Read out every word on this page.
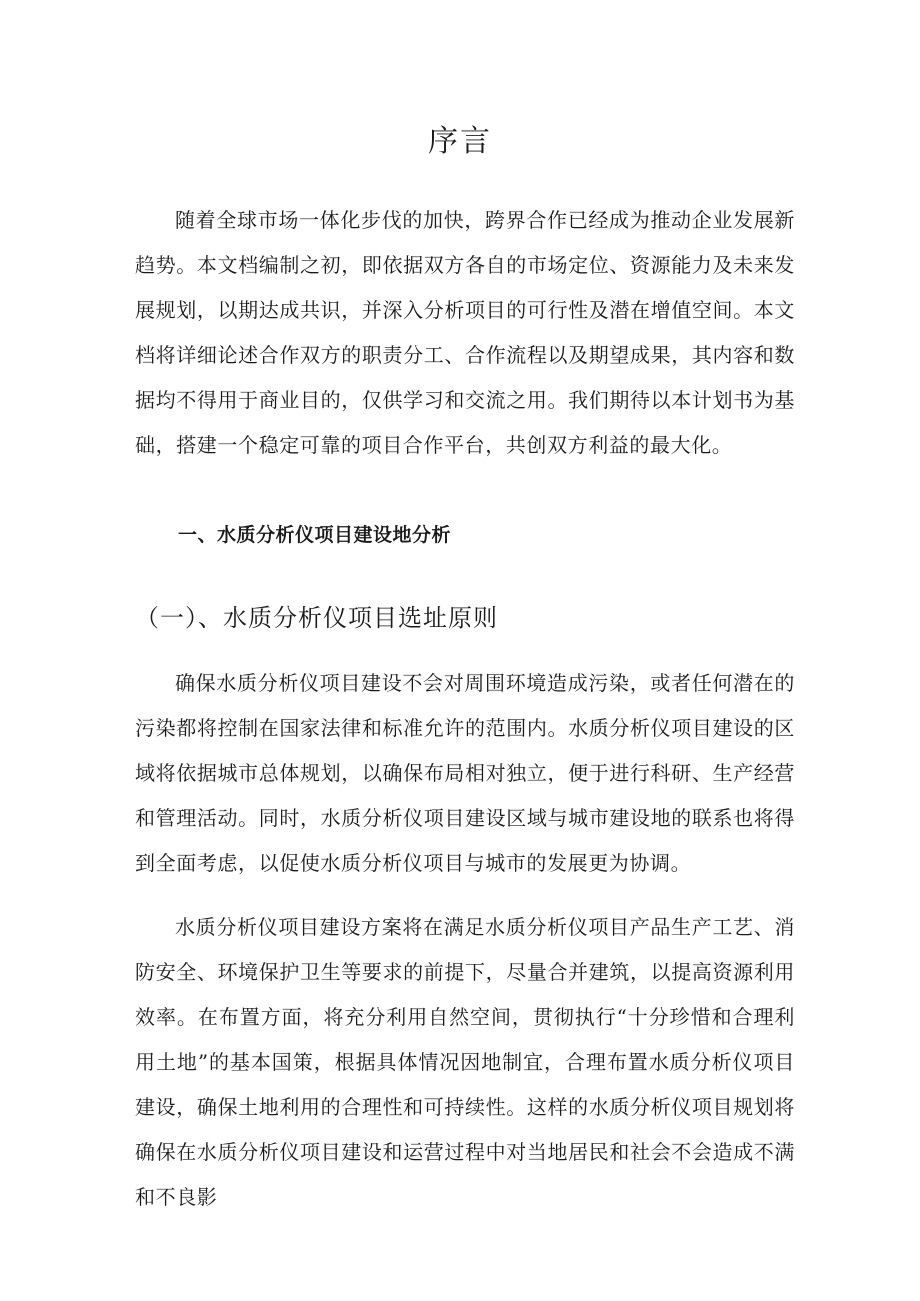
序言

随着全球市场一体化步伐的加快，跨界合作已经成为推动企业发展新趋势。本文档编制之初，即依据双方各自的市场定位、资源能力及未来发展规划，以期达成共识，并深入分析项目的可行性及潜在增值空间。本文档将详细论述合作双方的职责分工、合作流程以及期望成果，其内容和数据均不得用于商业目的，仅供学习和交流之用。我们期待以本计划书为基础，搭建一个稳定可靠的项目合作平台，共创双方利益的最大化。

一、水质分析仪项目建设地分析
（一）、水质分析仪项目选址原则

确保水质分析仪项目建设不会对周围环境造成污染，或者任何潜在的污染都将控制在国家法律和标准允许的范围内。水质分析仪项目建设的区域将依据城市总体规划，以确保布局相对独立，便于进行科研、生产经营和管理活动。同时，水质分析仪项目建设区域与城市建设地的联系也将得到全面考虑，以促使水质分析仪项目与城市的发展更为协调。

水质分析仪项目建设方案将在满足水质分析仪项目产品生产工艺、消防安全、环境保护卫生等要求的前提下，尽量合并建筑，以提高资源利用效率。在布置方面，将充分利用自然空间，贯彻执行“十分珍惜和合理利用土地”的基本国策，根据具体情况因地制宜，合理布置水质分析仪项目建设，确保土地利用的合理性和可持续性。这样的水质分析仪项目规划将确保在水质分析仪项目建设和运营过程中对当地居民和社会不会造成不满和不良影
